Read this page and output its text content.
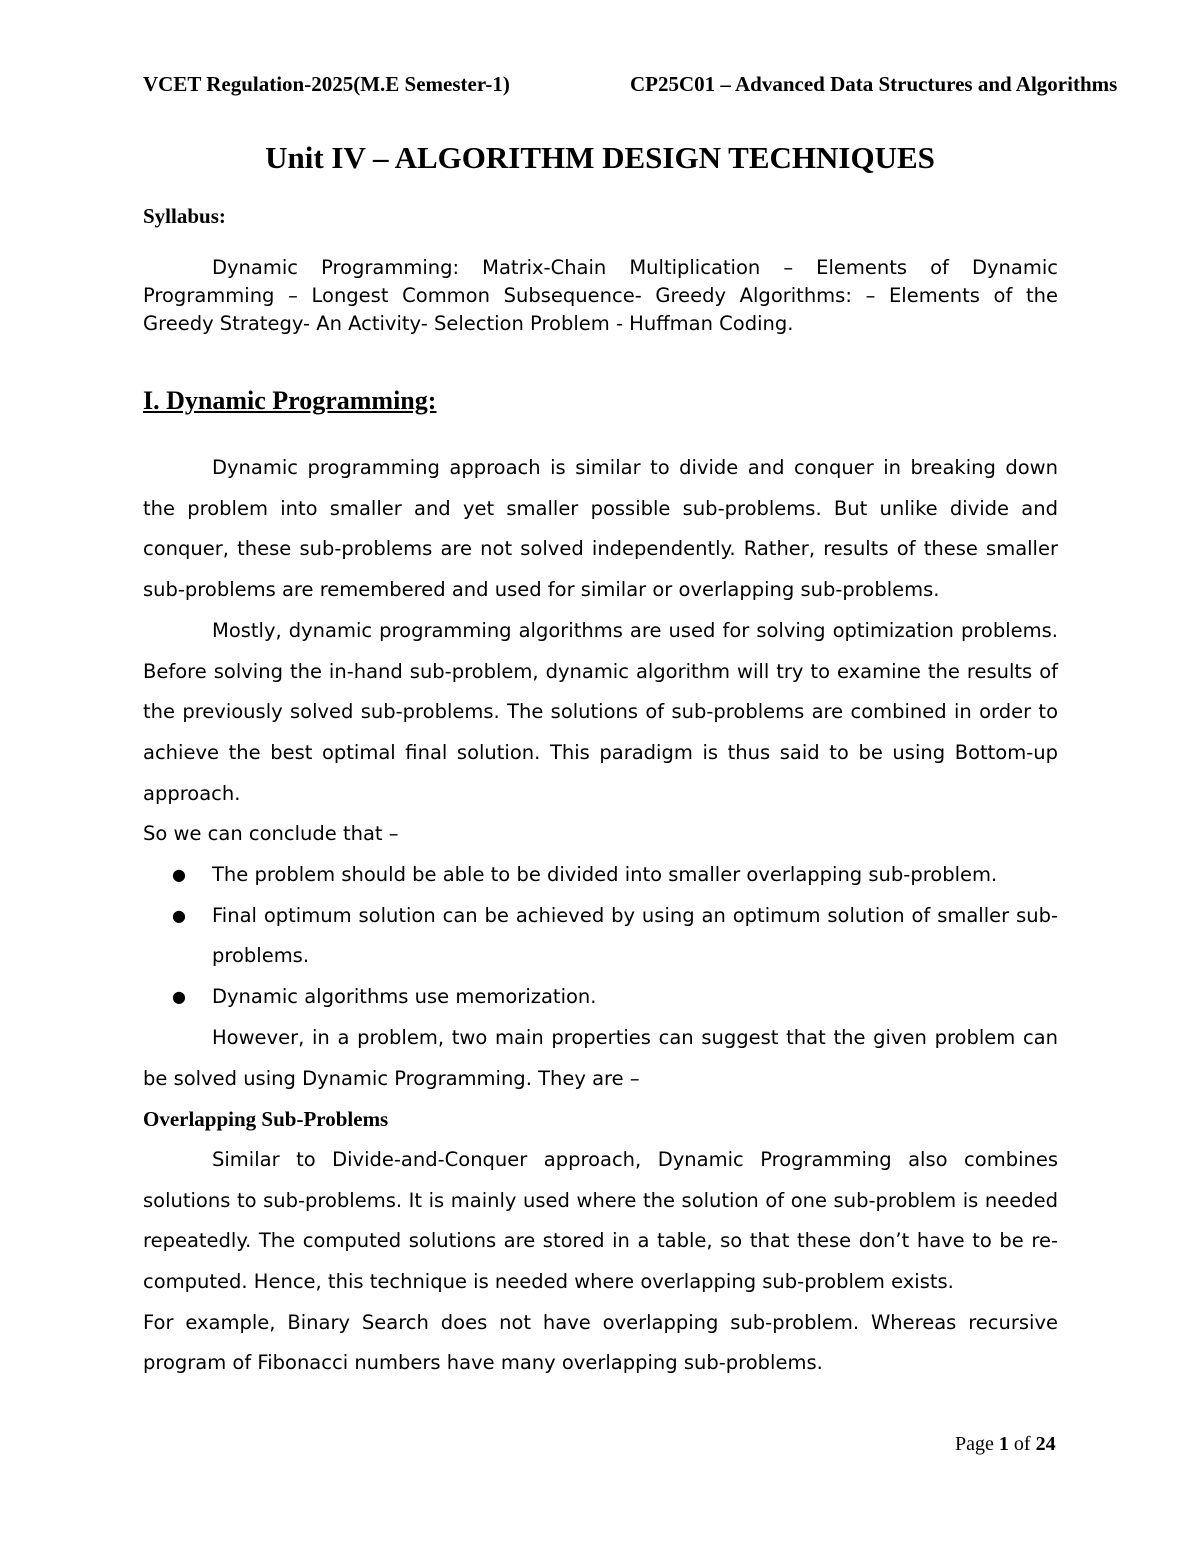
VCET Regulation-2025(M.E Semester-1)	CP25C01 – Advanced Data Structures and Algorithms
Unit IV – ALGORITHM DESIGN TECHNIQUES
Syllabus:
Dynamic Programming: Matrix-Chain Multiplication – Elements of Dynamic Programming – Longest Common Subsequence- Greedy Algorithms: – Elements of the Greedy Strategy- An Activity- Selection Problem - Huffman Coding.
I. Dynamic Programming:

Dynamic programming approach is similar to divide and conquer in breaking down the problem into smaller and yet smaller possible sub-problems. But unlike divide and conquer, these sub-problems are not solved independently. Rather, results of these smaller sub-problems are remembered and used for similar or overlapping sub-problems.

Mostly, dynamic programming algorithms are used for solving optimization problems. Before solving the in-hand sub-problem, dynamic algorithm will try to examine the results of the previously solved sub-problems. The solutions of sub-problems are combined in order to achieve the best optimal final solution. This paradigm is thus said to be using Bottom-up approach.

So we can conclude that –

● The problem should be able to be divided into smaller overlapping sub-problem.
● Final optimum solution can be achieved by using an optimum solution of smaller sub-problems.
● Dynamic algorithms use memorization.

However, in a problem, two main properties can suggest that the given problem can be solved using Dynamic Programming. They are –

Overlapping Sub-Problems

Similar to Divide-and-Conquer approach, Dynamic Programming also combines solutions to sub-problems. It is mainly used where the solution of one sub-problem is needed repeatedly. The computed solutions are stored in a table, so that these don’t have to be re-computed. Hence, this technique is needed where overlapping sub-problem exists.

For example, Binary Search does not have overlapping sub-problem. Whereas recursive program of Fibonacci numbers have many overlapping sub-problems.

Page 1 of 24
